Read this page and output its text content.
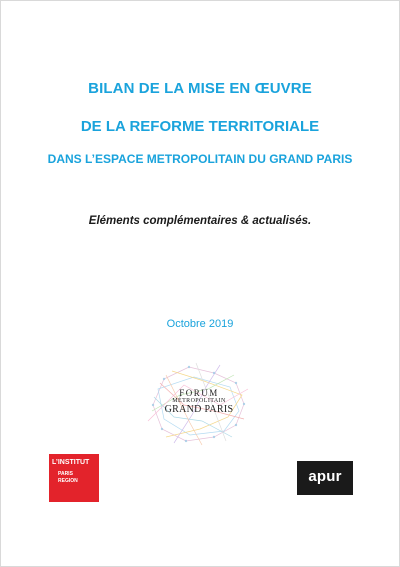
BILAN DE LA MISE EN ŒUVRE
DE LA REFORME TERRITORIALE
DANS L’ESPACE METROPOLITAIN DU GRAND PARIS
Eléments complémentaires & actualisés.
Octobre 2019
FORUM
MÉTROPOLITAIN
GRAND PARIS
L’INSTITUT
PARIS
REGION	apur
